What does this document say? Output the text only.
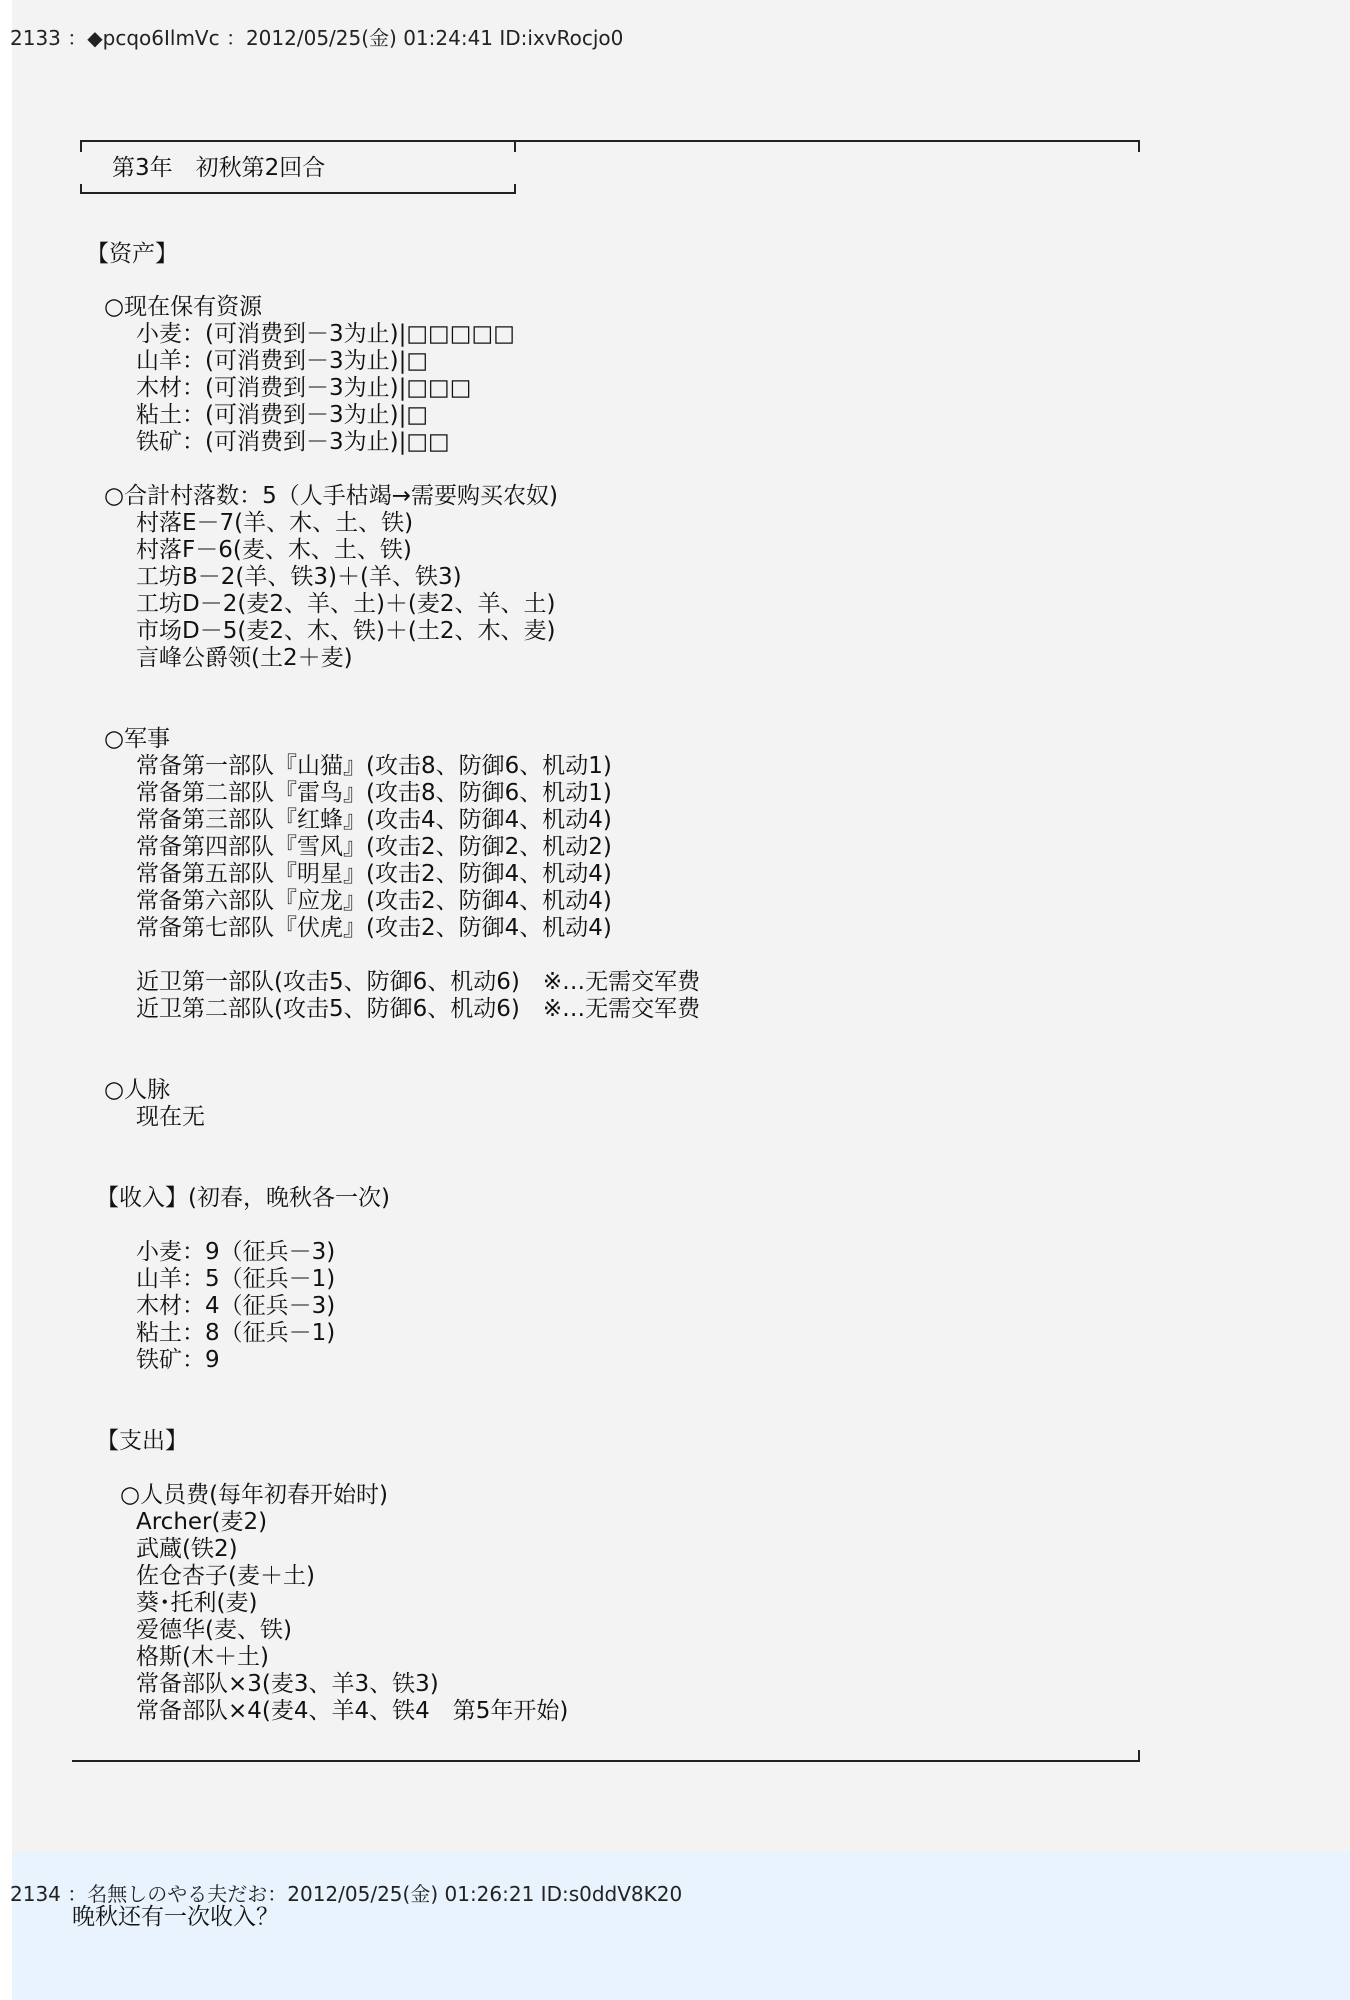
2133 ：◆pcqo6IlmVc ：2012/05/25(金) 01:24:41 ID:ixvRocjo0
第3年　初秋第2回合
【资产】
○现在保有资源
小麦：(可消费到－3为止)|□□□□□
山羊：(可消费到－3为止)|□
木材：(可消费到－3为止)|□□□
粘土：(可消费到－3为止)|□
铁矿：(可消费到－3为止)|□□
○合計村落数：5（人手枯竭→需要购买农奴)
村落E－7(羊、木、土、铁)
村落F－6(麦、木、土、铁)
工坊B－2(羊、铁3)＋(羊、铁3)
工坊D－2(麦2、羊、土)＋(麦2、羊、土)
市场D－5(麦2、木、铁)＋(土2、木、麦)
言峰公爵领(土2＋麦)
○军事
常备第一部队『山猫』(攻击8、防御6、机动1)
常备第二部队『雷鸟』(攻击8、防御6、机动1)
常备第三部队『红蜂』(攻击4、防御4、机动4)
常备第四部队『雪风』(攻击2、防御2、机动2)
常备第五部队『明星』(攻击2、防御4、机动4)
常备第六部队『应龙』(攻击2、防御4、机动4)
常备第七部队『伏虎』(攻击2、防御4、机动4)
近卫第一部队(攻击5、防御6、机动6)　※…无需交军费
近卫第二部队(攻击5、防御6、机动6)　※…无需交军费
○人脉
现在无
【收入】(初春，晚秋各一次)
小麦：9（征兵－3)
山羊：5（征兵－1)
木材：4（征兵－3)
粘土：8（征兵－1)
铁矿：9
【支出】
○人员费(每年初春开始时)
Archer(麦2)
武蔵(铁2)
佐仓杏子(麦＋土)
葵･托利(麦)
爱德华(麦、铁)
格斯(木＋土)
常备部队×3(麦3、羊3、铁3)
常备部队×4(麦4、羊4、铁4　第5年开始)
2134 ：名無しのやる夫だお：2012/05/25(金) 01:26:21 ID:s0ddV8K20
晚秋还有一次收入？
